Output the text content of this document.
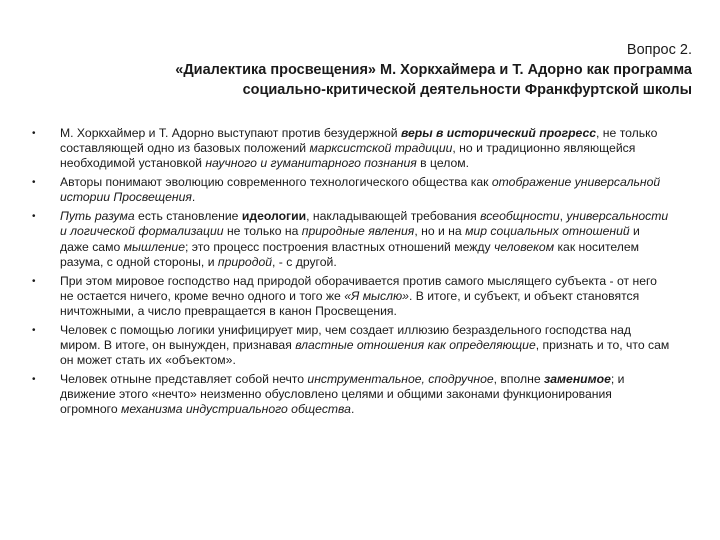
Вопрос 2.
«Диалектика просвещения» М. Хоркхаймера и Т. Адорно как программа
социально-критической деятельности Франкфуртской школы
• М. Хоркхаймер и Т. Адорно выступают против безудержной веры в исторический прогресс, не только составляющей одно из базовых положений марксистской традиции, но и традиционно являющейся необходимой установкой научного и гуманитарного познания в целом.
• Авторы понимают эволюцию современного технологического общества как отображение универсальной истории Просвещения.
• Путь разума есть становление идеологии, накладывающей требования всеобщности, универсальности и логической формализации не только на природные явления, но и на мир социальных отношений и даже само мышление; это процесс построения властных отношений между человеком как носителем разума, с одной стороны, и природой, - с другой.
• При этом мировое господство над природой оборачивается против самого мыслящего субъекта - от него не остается ничего, кроме вечно одного и того же «Я мыслю». В итоге, и субъект, и объект становятся ничтожными, а число превращается в канон Просвещения.
• Человек с помощью логики унифицирует мир, чем создает иллюзию безраздельного господства над миром. В итоге, он вынужден, признавая властные отношения как определяющие, признать и то, что сам он может стать их «объектом».
• Человек отныне представляет собой нечто инструментальное, сподручное, вполне заменимое; и движение этого «нечто» неизменно обусловлено целями и общими законами функционирования огромного механизма индустриального общества.
